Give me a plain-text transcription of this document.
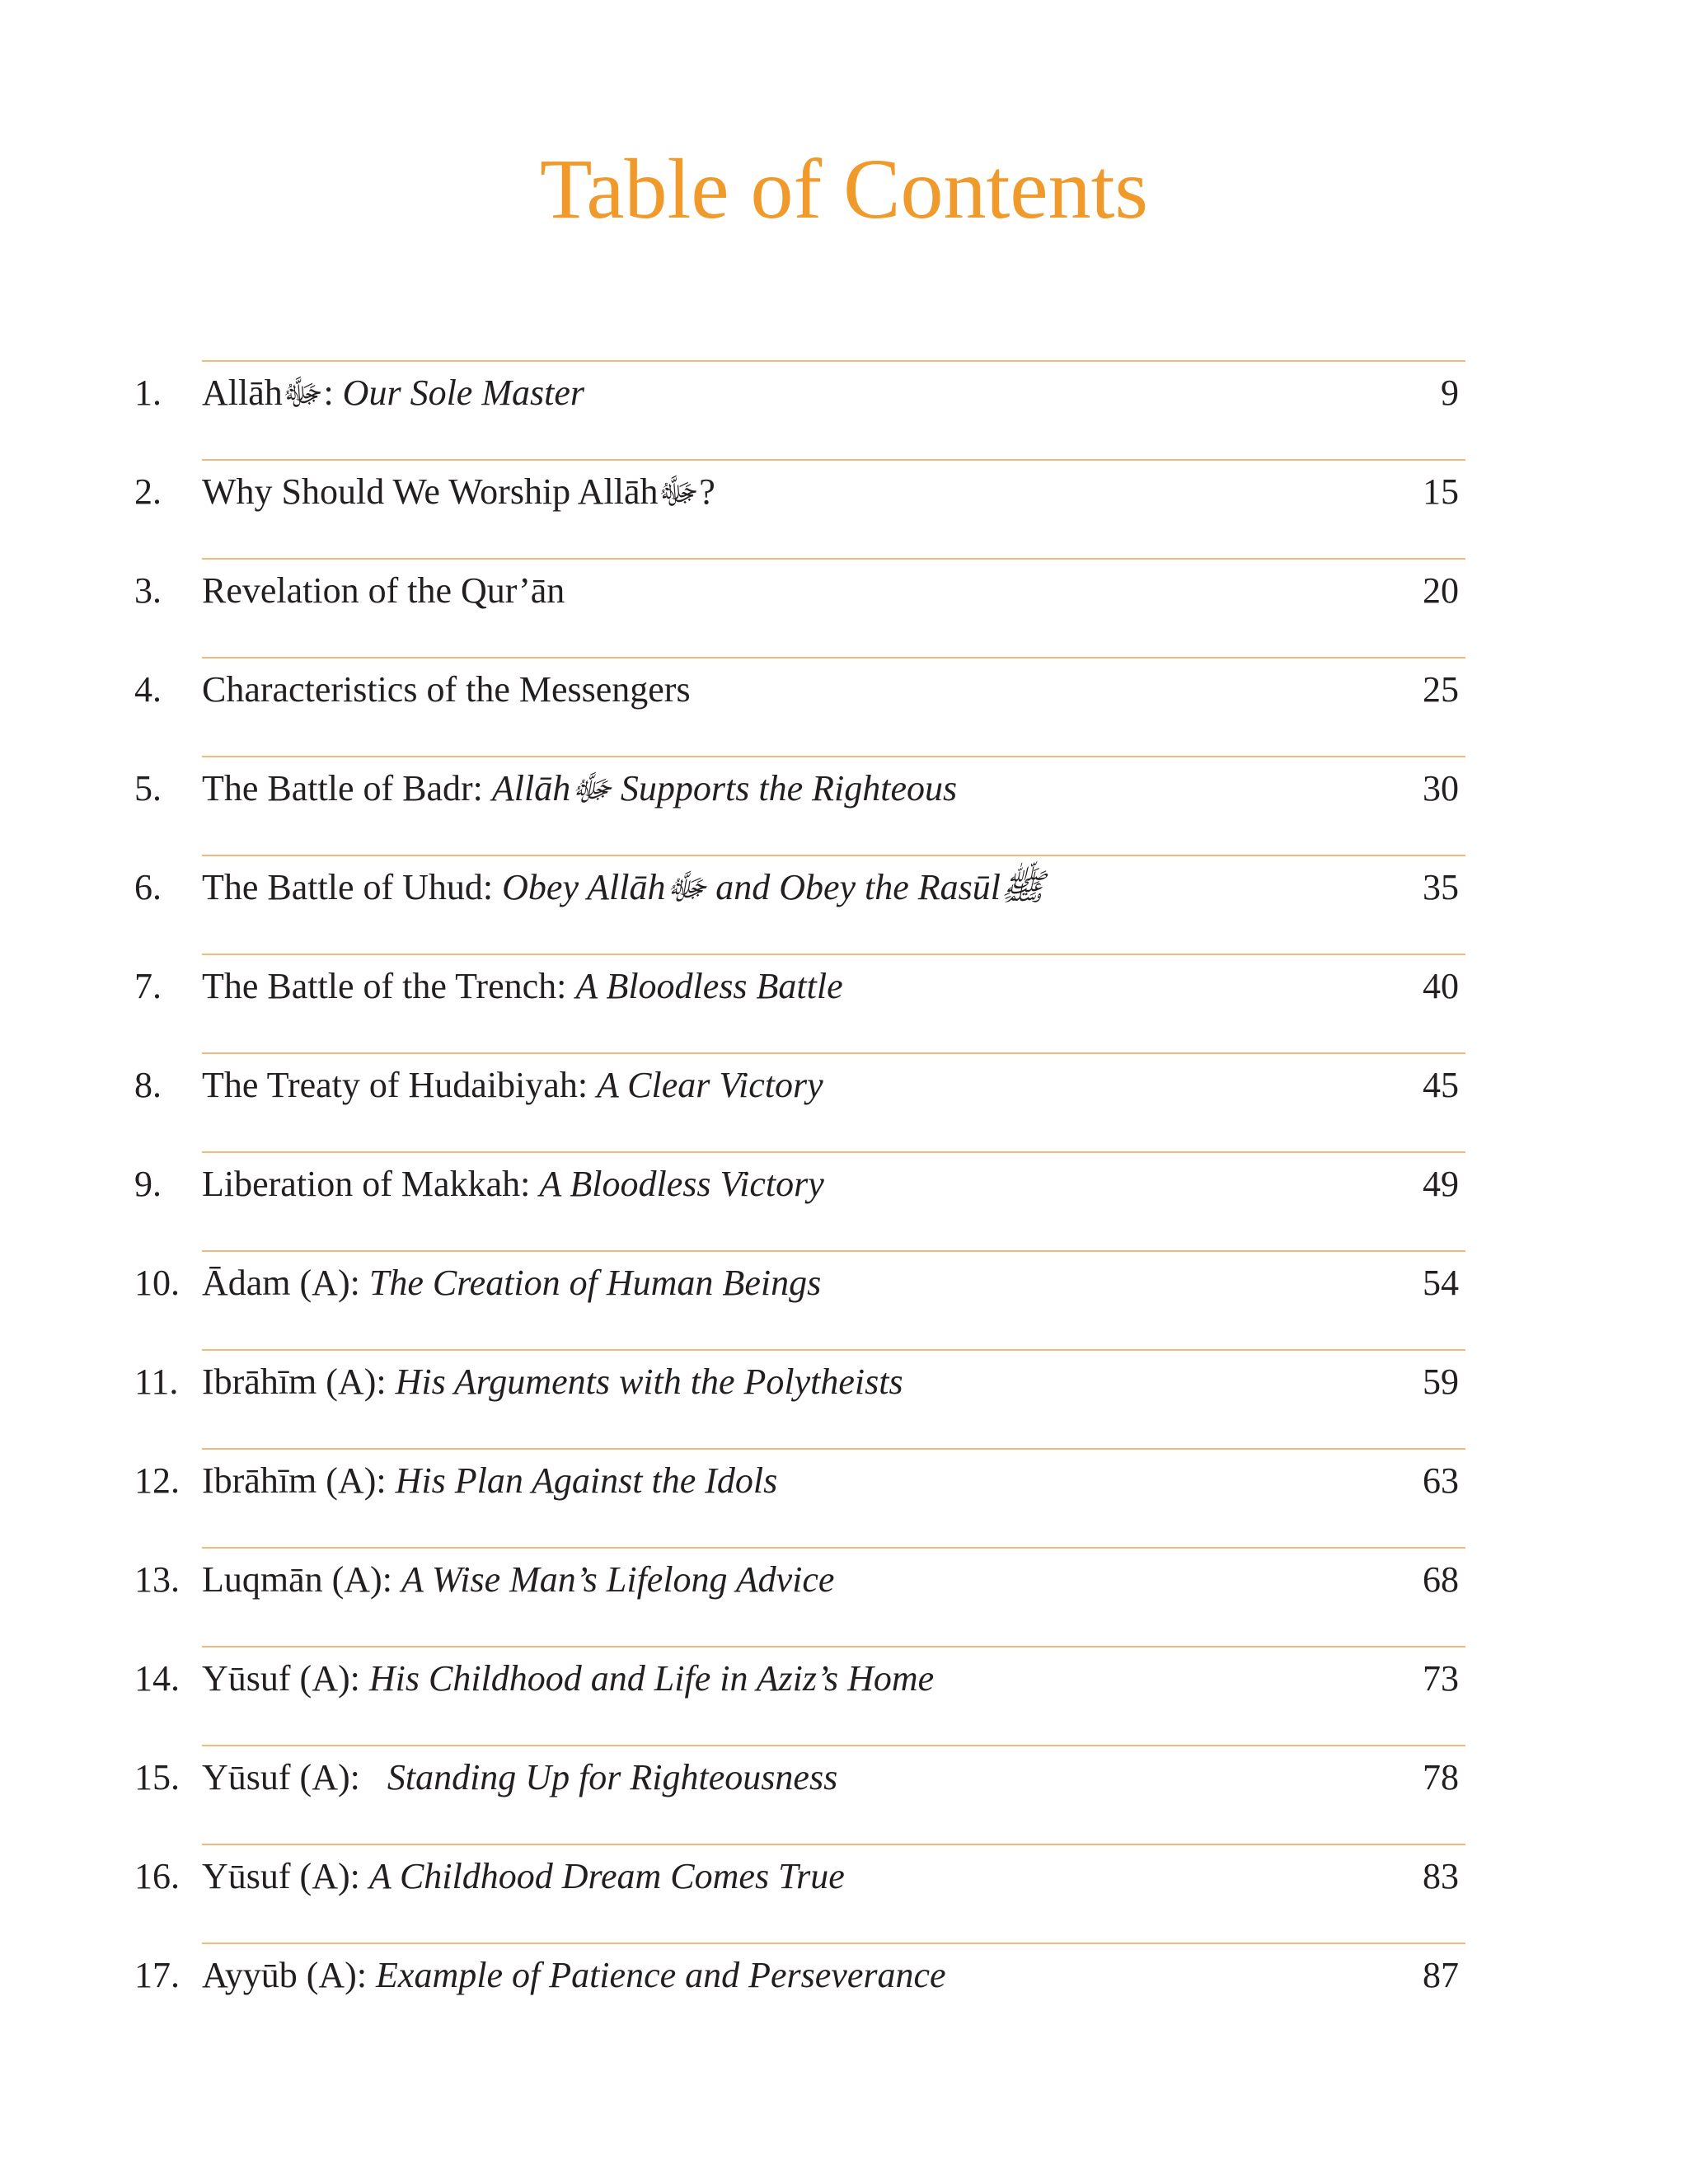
Table of Contents
1. Allāhﷻ: Our Sole Master	9
2. Why Should We Worship Allāhﷻ?	15
3. Revelation of the Qur’ān	20
4. Characteristics of the Messengers	25
5. The Battle of Badr: Allāhﷻ Supports the Righteous	30
6. The Battle of Uhud: Obey Allāhﷻ and Obey the Rasūlﷺ	35
7. The Battle of the Trench: A Bloodless Battle	40
8. The Treaty of Hudaibiyah: A Clear Victory	45
9. Liberation of Makkah: A Bloodless Victory	49
10. Ādam (A): The Creation of Human Beings	54
11. Ibrāhīm (A): His Arguments with the Polytheists	59
12. Ibrāhīm (A): His Plan Against the Idols	63
13. Luqmān (A): A Wise Man’s Lifelong Advice	68
14. Yūsuf (A): His Childhood and Life in Aziz’s Home	73
15. Yūsuf (A):   Standing Up for Righteousness	78
16. Yūsuf (A): A Childhood Dream Comes True	83
17. Ayyūb (A): Example of Patience and Perseverance	87
